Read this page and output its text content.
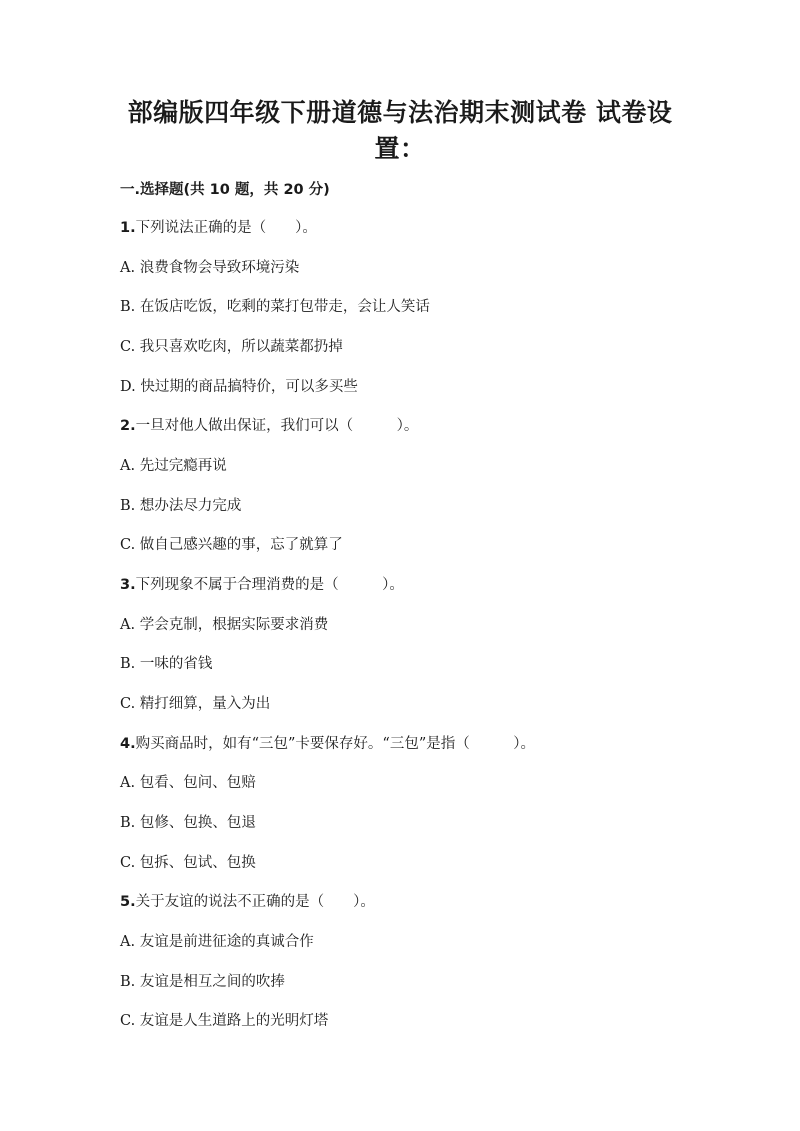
部编版四年级下册道德与法治期末测试卷 试卷设置：
一.选择题(共 10 题，共 20 分)
1.下列说法正确的是（　　）。
A. 浪费食物会导致环境污染
B. 在饭店吃饭，吃剩的菜打包带走，会让人笑话
C. 我只喜欢吃肉，所以蔬菜都扔掉
D. 快过期的商品搞特价，可以多买些
2.一旦对他人做出保证，我们可以（　　　）。
A. 先过完瘾再说
B. 想办法尽力完成
C. 做自己感兴趣的事，忘了就算了
3.下列现象不属于合理消费的是（　　　）。
A. 学会克制，根据实际要求消费
B. 一味的省钱
C. 精打细算，量入为出
4.购买商品时，如有“三包”卡要保存好。“三包”是指（　　　）。
A. 包看、包问、包赔
B. 包修、包换、包退
C. 包拆、包试、包换
5.关于友谊的说法不正确的是（　　）。
A. 友谊是前进征途的真诚合作
B. 友谊是相互之间的吹捧
C. 友谊是人生道路上的光明灯塔
